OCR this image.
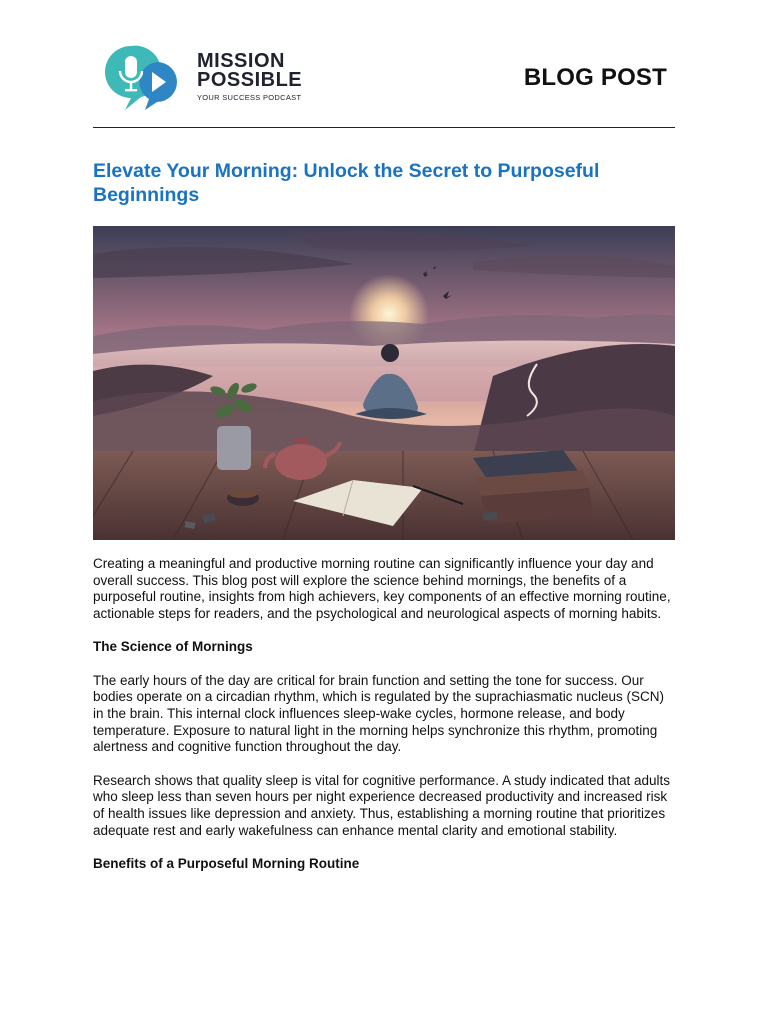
MISSION
POSSIBLE
YOUR SUCCESS PODCAST
BLOG POST
Elevate Your Morning: Unlock the Secret to Purposeful Beginnings

Creating a meaningful and productive morning routine can significantly influence your day and overall success. This blog post will explore the science behind mornings, the benefits of a purposeful routine, insights from high achievers, key components of an effective morning routine, actionable steps for readers, and the psychological and neurological aspects of morning habits.

The Science of Mornings

The early hours of the day are critical for brain function and setting the tone for success. Our bodies operate on a circadian rhythm, which is regulated by the suprachiasmatic nucleus (SCN) in the brain. This internal clock influences sleep-wake cycles, hormone release, and body temperature. Exposure to natural light in the morning helps synchronize this rhythm, promoting alertness and cognitive function throughout the day.

Research shows that quality sleep is vital for cognitive performance. A study indicated that adults who sleep less than seven hours per night experience decreased productivity and increased risk of health issues like depression and anxiety. Thus, establishing a morning routine that prioritizes adequate rest and early wakefulness can enhance mental clarity and emotional stability.

Benefits of a Purposeful Morning Routine
